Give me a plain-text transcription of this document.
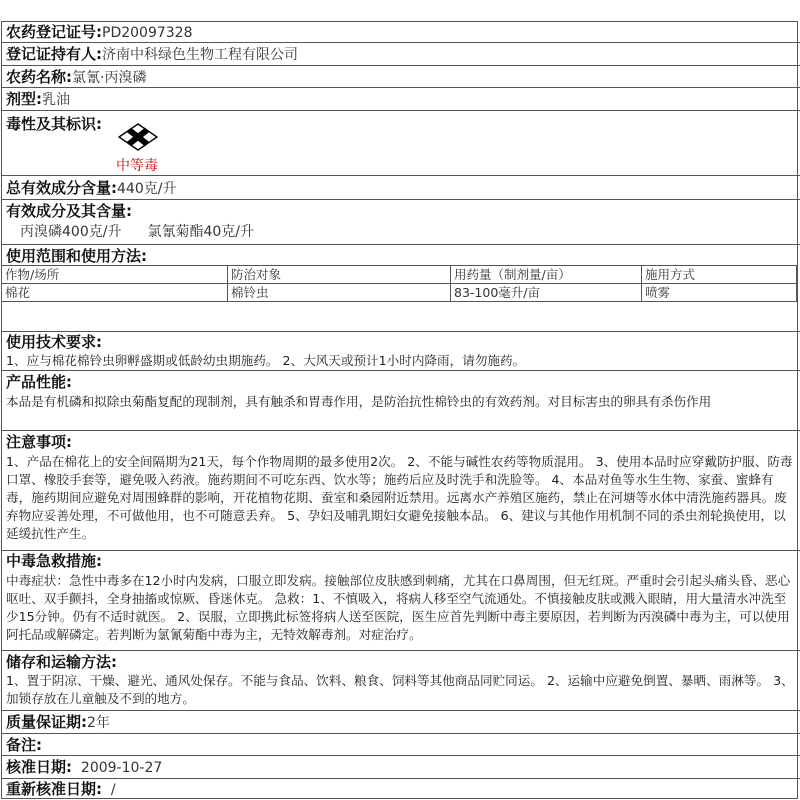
农药登记证号:PD20097328
登记证持有人:济南中科绿色生物工程有限公司
农药名称:氯氰·丙溴磷
剂型:乳油
毒性及其标识:
总有效成分含量:440克/升
有效成分及其含量:
丙溴磷400克/升 氯氰菊酯40克/升
使用范围和使用方法:
使用技术要求:
1、应与棉花棉铃虫卵孵盛期或低龄幼虫期施药。 2、大风天或预计1小时内降雨，请勿施药。
产品性能:
本品是有机磷和拟除虫菊酯复配的现制剂，具有触杀和胃毒作用，是防治抗性棉铃虫的有效药剂。对目标害虫的卵具有杀伤作用
注意事项:
1、产品在棉花上的安全间隔期为21天，每个作物周期的最多使用2次。 2、不能与碱性农药等物质混用。 3、使用本品时应穿戴防护服、防毒口罩、橡胶手套等，避免吸入药液。施药期间不可吃东西、饮水等；施药后应及时洗手和洗脸等。 4、本品对鱼等水生生物、家蚕、蜜蜂有毒，施药期间应避免对周围蜂群的影响，开花植物花期、蚕室和桑园附近禁用。远离水产养殖区施药，禁止在河塘等水体中清洗施药器具。废弃物应妥善处理，不可做他用，也不可随意丢弃。 5、孕妇及哺乳期妇女避免接触本品。 6、建议与其他作用机制不同的杀虫剂轮换使用，以延缓抗性产生。
中毒急救措施:
中毒症状：急性中毒多在12小时内发病，口服立即发病。接触部位皮肤感到刺痛，尤其在口鼻周围，但无红斑。严重时会引起头痛头昏、恶心呕吐、双手颤抖，全身抽搐或惊厥、昏迷休克。 急救：1、不慎吸入，将病人移至空气流通处。不慎接触皮肤或溅入眼睛，用大量清水冲洗至少15分钟。仍有不适时就医。 2、误服，立即携此标签将病人送至医院，医生应首先判断中毒主要原因，若判断为丙溴磷中毒为主，可以使用阿托品或解磷定。若判断为氯氰菊酯中毒为主，无特效解毒剂。对症治疗。
储存和运输方法:
1、置于阴凉、干燥、避光、通风处保存。不能与食品、饮料、粮食、饲料等其他商品同贮同运。 2、运输中应避免倒置、暴晒、雨淋等。 3、加锁存放在儿童触及不到的地方。
质量保证期:2年
备注:
核准日期: 2009-10-27
重新核准日期: /
中等毒
作物/场所	防治对象	用药量（制剂量/亩）	施用方式
棉花	棉铃虫	83-100毫升/亩	喷雾
